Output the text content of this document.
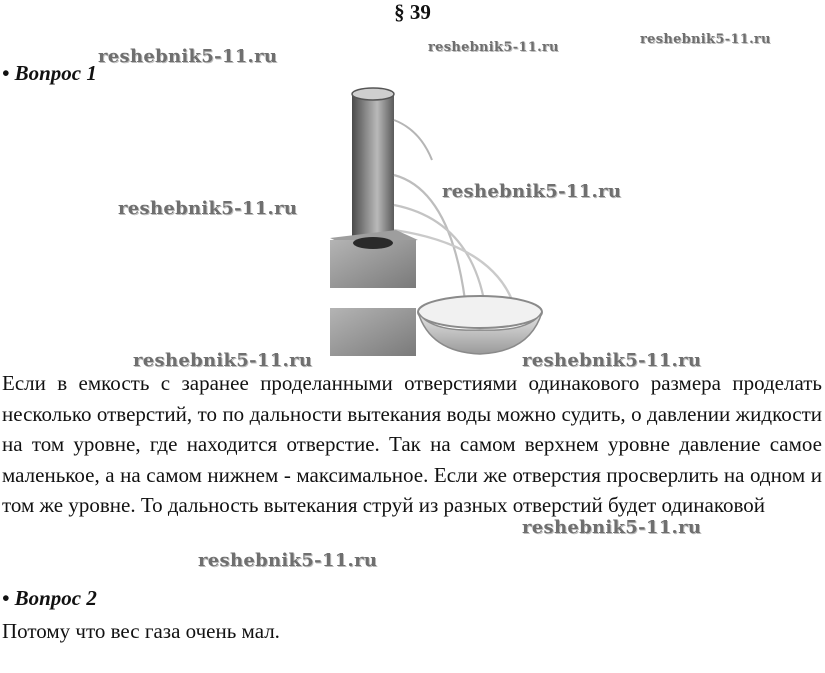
§ 39
• Вопрос 1
Если в емкость с заранее проделанными отверстиями одинакового размера проделать несколько отверстий, то по дальности вытекания воды можно судить, о давлении жидкости на том уровне, где находится отверстие. Так на самом верхнем уровне давление самое маленькое, а на самом нижнем - максимальное. Если же отверстия просверлить на одном и том же уровне. То дальность вытекания струй из разных отверстий будет одинаковой
• Вопрос 2
Потому что вес газа очень мал.
reshebnik5-11.ru	reshebnik5-11.ru
reshebnik5-11.ru
reshebnik5-11.ru
reshebnik5-11.ru
reshebnik5-11.ru	reshebnik5-11.ru
reshebnik5-11.ru
reshebnik5-11.ru
